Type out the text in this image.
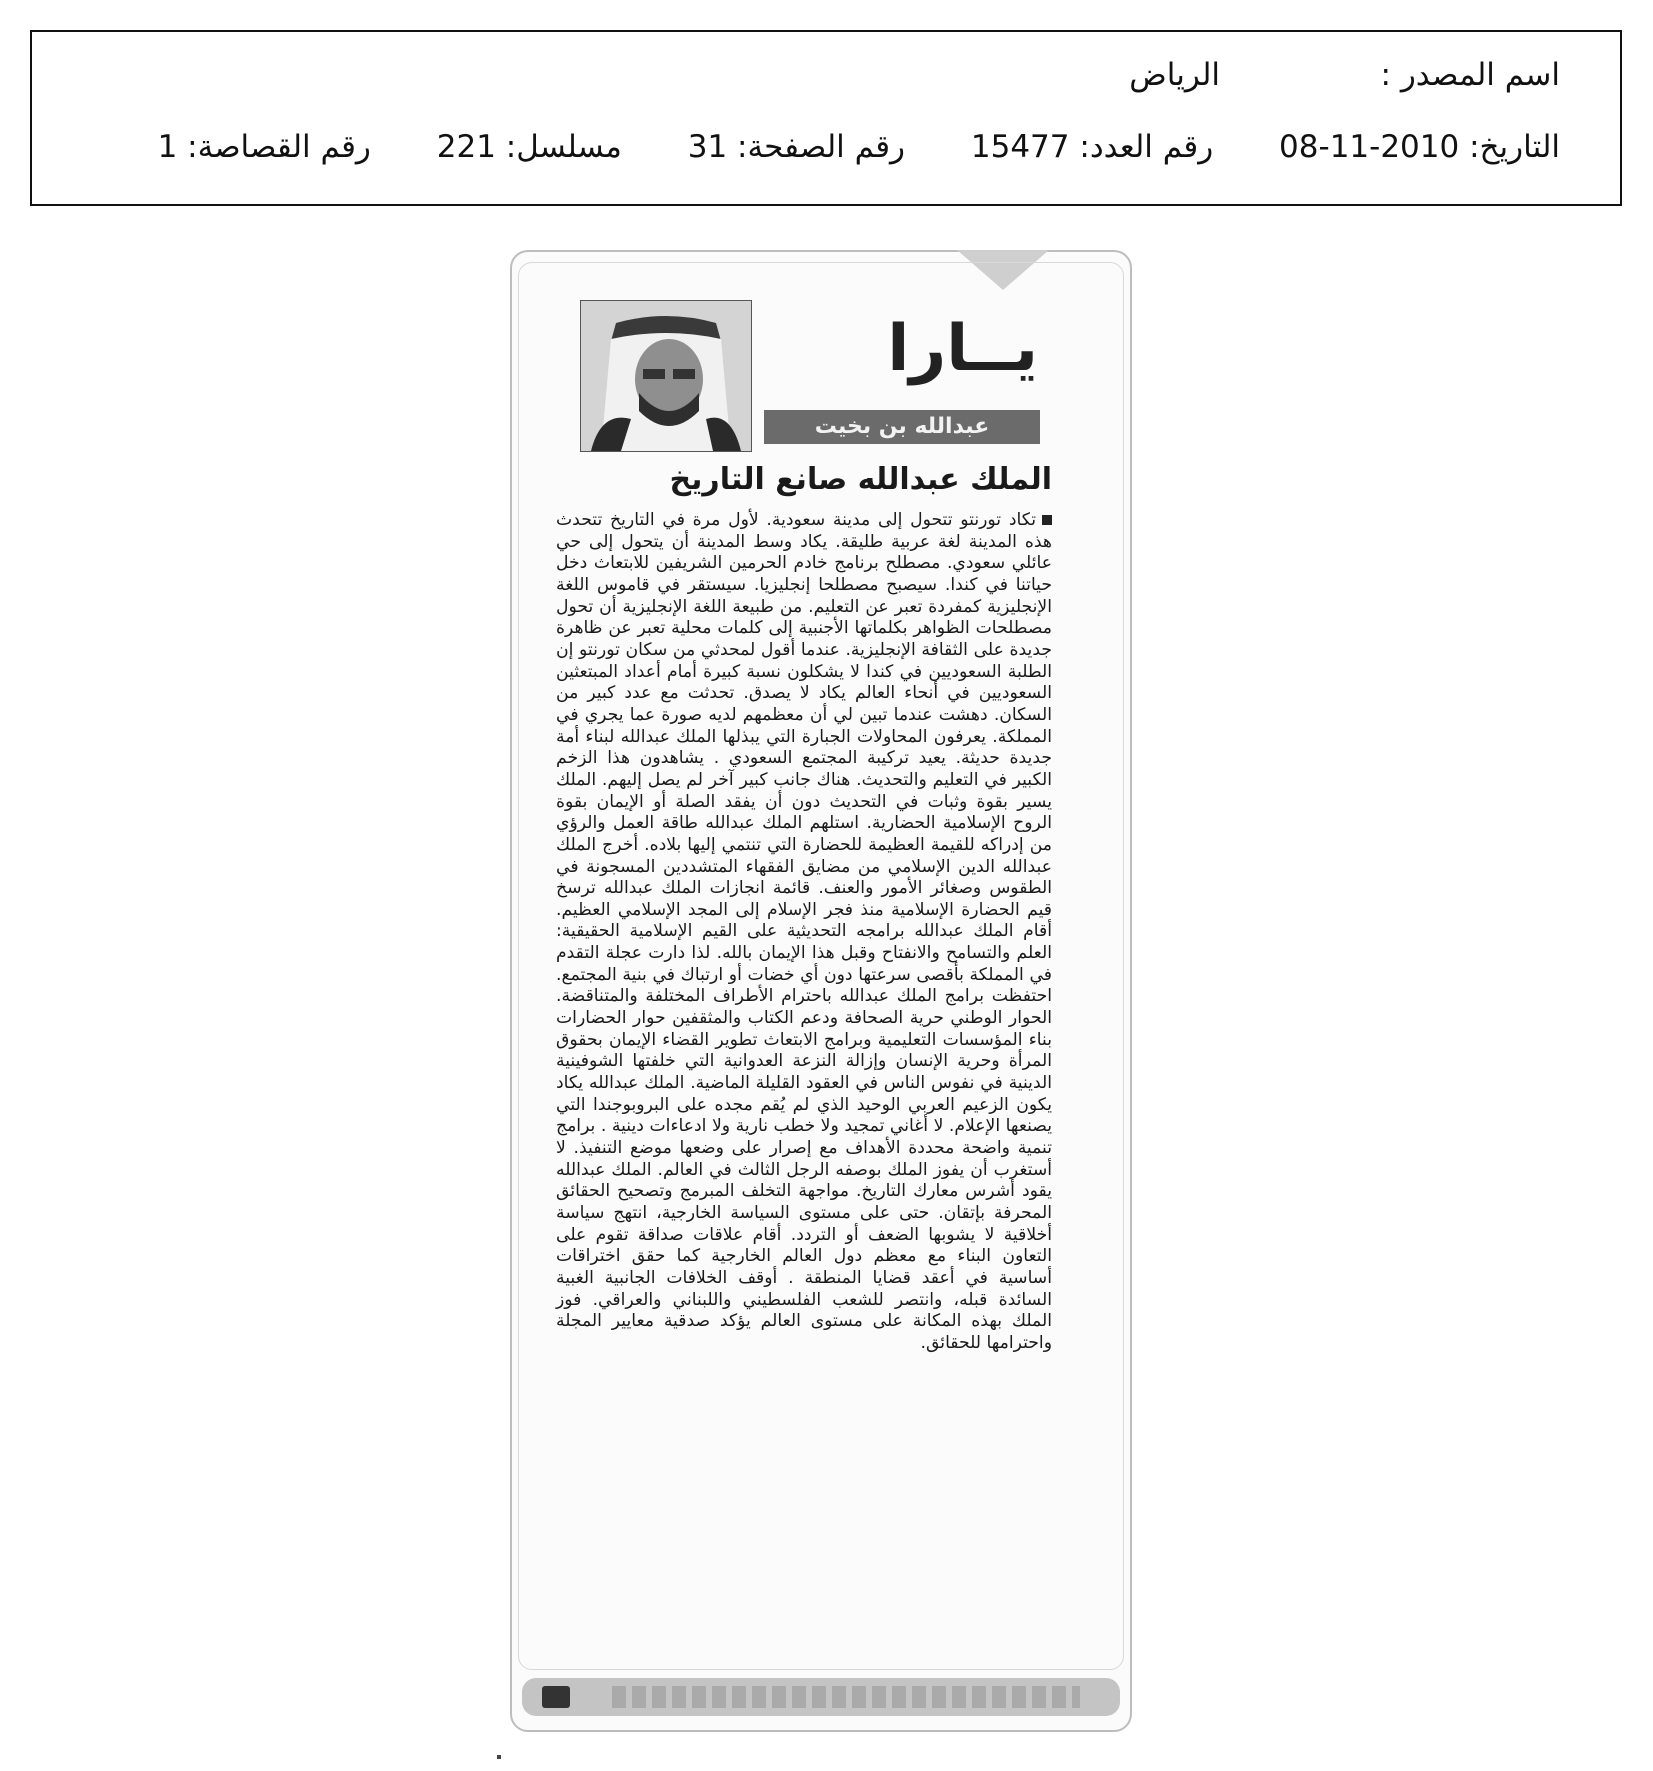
اسم المصدر :
الرياض
التاريخ: 2010-11-08 رقم العدد: 15477 رقم الصفحة: 31 مسلسل: 221 رقم القصاصة: 1
يــارا
عبدالله بن بخيت
الملك عبدالله صانع التاريخ
تكاد تورنتو تتحول إلى مدينة سعودية. لأول مرة في التاريخ تتحدث هذه المدينة لغة عربية طليقة. يكاد وسط المدينة أن يتحول إلى حي عائلي سعودي. مصطلح برنامج خادم الحرمين الشريفين للابتعاث دخل حياتنا في كندا. سيصبح مصطلحا إنجليزيا. سيستقر في قاموس اللغة الإنجليزية كمفردة تعبر عن التعليم. من طبيعة اللغة الإنجليزية أن تحول مصطلحات الظواهر بكلماتها الأجنبية إلى كلمات محلية تعبر عن ظاهرة جديدة على الثقافة الإنجليزية. عندما أقول لمحدثي من سكان تورنتو إن الطلبة السعوديين في كندا لا يشكلون نسبة كبيرة أمام أعداد المبتعثين السعوديين في أنحاء العالم يكاد لا يصدق. تحدثت مع عدد كبير من السكان. دهشت عندما تبين لي أن معظمهم لديه صورة عما يجري في المملكة. يعرفون المحاولات الجبارة التي يبذلها الملك عبدالله لبناء أمة جديدة حديثة. يعيد تركيبة المجتمع السعودي . يشاهدون هذا الزخم الكبير في التعليم والتحديث. هناك جانب كبير آخر لم يصل إليهم. الملك يسير بقوة وثبات في التحديث دون أن يفقد الصلة أو الإيمان بقوة الروح الإسلامية الحضارية. استلهم الملك عبدالله طاقة العمل والرؤي من إدراكه للقيمة العظيمة للحضارة التي تنتمي إليها بلاده. أخرج الملك عبدالله الدين الإسلامي من مضايق الفقهاء المتشددين المسجونة في الطقوس وصغائر الأمور والعنف. قائمة انجازات الملك عبدالله ترسخ قيم الحضارة الإسلامية منذ فجر الإسلام إلى المجد الإسلامي العظيم. أقام الملك عبدالله برامجه التحديثية على القيم الإسلامية الحقيقية: العلم والتسامح والانفتاح وقبل هذا الإيمان بالله. لذا دارت عجلة التقدم في المملكة بأقصى سرعتها دون أي خضات أو ارتباك في بنية المجتمع. احتفظت برامج الملك عبدالله باحترام الأطراف المختلفة والمتناقضة. الحوار الوطني حرية الصحافة ودعم الكتاب والمثقفين حوار الحضارات بناء المؤسسات التعليمية وبرامج الابتعاث تطوير القضاء الإيمان بحقوق المرأة وحرية الإنسان وإزالة النزعة العدوانية التي خلفتها الشوفينية الدينية في نفوس الناس في العقود القليلة الماضية. الملك عبدالله يكاد يكون الزعيم العربي الوحيد الذي لم يُقم مجده على البروبوجندا التي يصنعها الإعلام. لا أغاني تمجيد ولا خطب نارية ولا ادعاءات دينية . برامج تنمية واضحة محددة الأهداف مع إصرار على وضعها موضع التنفيذ. لا أستغرب أن يفوز الملك بوصفه الرجل الثالث في العالم. الملك عبدالله يقود أشرس معارك التاريخ. مواجهة التخلف المبرمج وتصحيح الحقائق المحرفة بإتقان. حتى على مستوى السياسة الخارجية، انتهج سياسة أخلاقية لا يشوبها الضعف أو التردد. أقام علاقات صداقة تقوم على التعاون البناء مع معظم دول العالم الخارجية كما حقق اختراقات أساسية في أعقد قضايا المنطقة . أوقف الخلافات الجانبية الغبية السائدة قبله، وانتصر للشعب الفلسطيني واللبناني والعراقي. فوز الملك بهذه المكانة على مستوى العالم يؤكد صدقية معايير المجلة واحترامها للحقائق.
